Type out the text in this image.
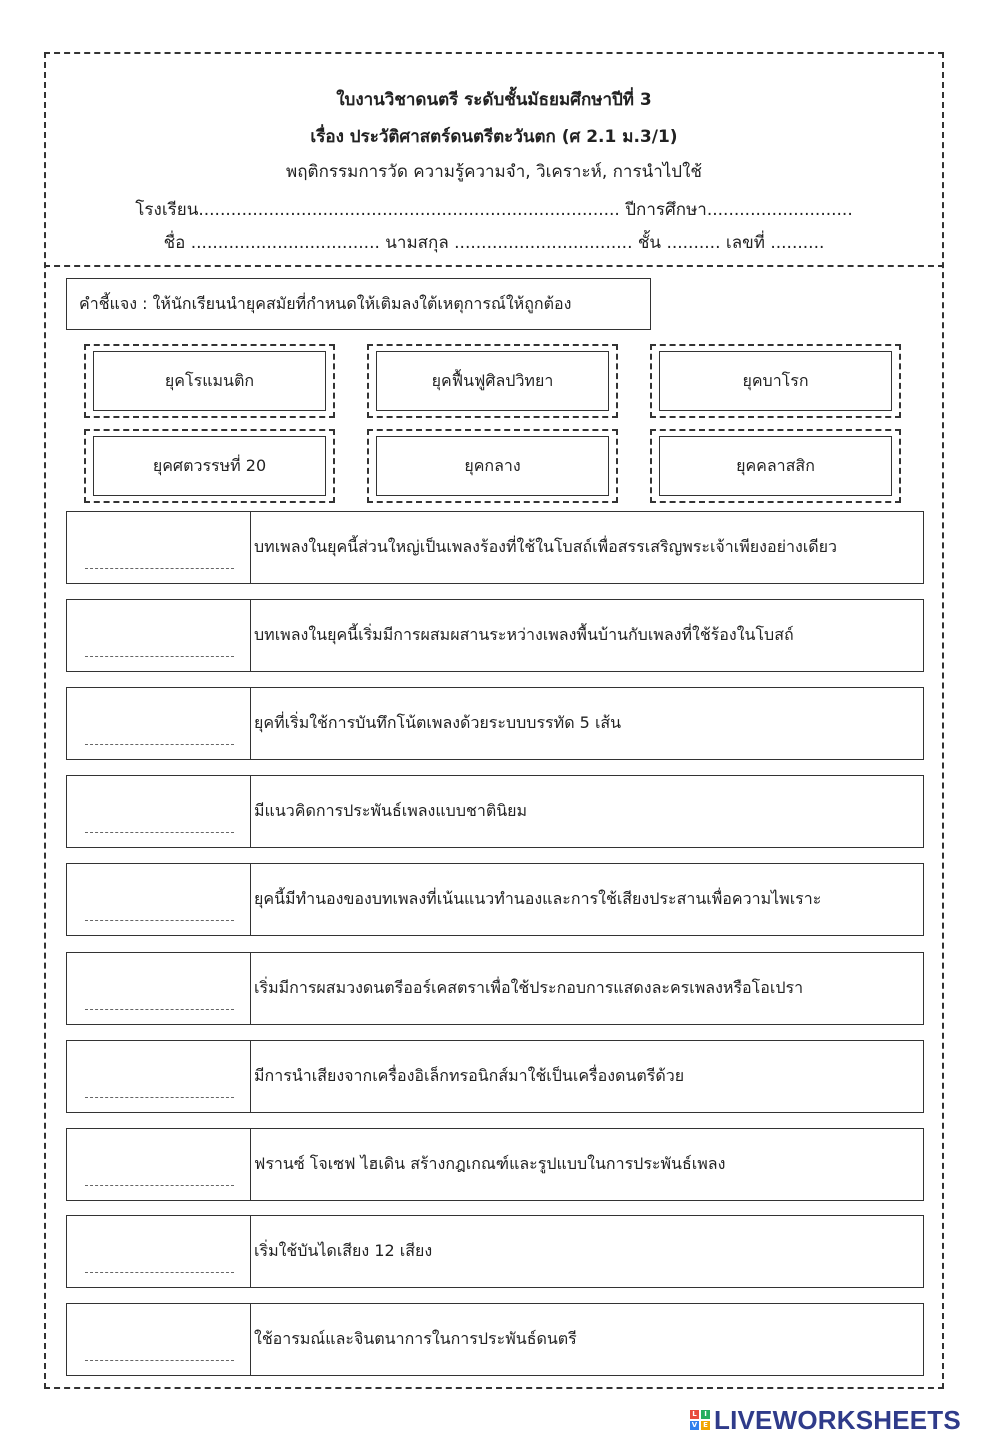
ใบงานวิชาดนตรี ระดับชั้นมัธยมศึกษาปีที่ 3
เรื่อง ประวัติศาสตร์ดนตรีตะวันตก (ศ 2.1 ม.3/1)
พฤติกรรมการวัด ความรู้ความจำ, วิเคราะห์, การนำไปใช้
โรงเรียน.............................................................................. ปีการศึกษา...........................
ชื่อ ................................... นามสกุล ................................. ชั้น .......... เลขที่ ..........
คำชี้แจง : ให้นักเรียนนำยุคสมัยที่กำหนดให้เติมลงใต้เหตุการณ์ให้ถูกต้อง
ยุคโรแมนติก	ยุคฟื้นฟูศิลปวิทยา	ยุคบาโรก
ยุคศตวรรษที่ 20	ยุคกลาง	ยุคคลาสสิก
บทเพลงในยุคนี้ส่วนใหญ่เป็นเพลงร้องที่ใช้ในโบสถ์เพื่อสรรเสริญพระเจ้าเพียงอย่างเดียว
บทเพลงในยุคนี้เริ่มมีการผสมผสานระหว่างเพลงพื้นบ้านกับเพลงที่ใช้ร้องในโบสถ์
ยุคที่เริ่มใช้การบันทึกโน้ตเพลงด้วยระบบบรรทัด 5 เส้น
มีแนวคิดการประพันธ์เพลงแบบชาตินิยม
ยุคนี้มีทำนองของบทเพลงที่เน้นแนวทำนองและการใช้เสียงประสานเพื่อความไพเราะ
เริ่มมีการผสมวงดนตรีออร์เคสตราเพื่อใช้ประกอบการแสดงละครเพลงหรือโอเปรา
มีการนำเสียงจากเครื่องอิเล็กทรอนิกส์มาใช้เป็นเครื่องดนตรีด้วย
ฟรานซ์ โจเซฟ ไฮเดิน สร้างกฎเกณฑ์และรูปแบบในการประพันธ์เพลง
เริ่มใช้บันไดเสียง 12 เสียง
ใช้อารมณ์และจินตนาการในการประพันธ์ดนตรี
L	I
V E LIVEWORKSHEETS
